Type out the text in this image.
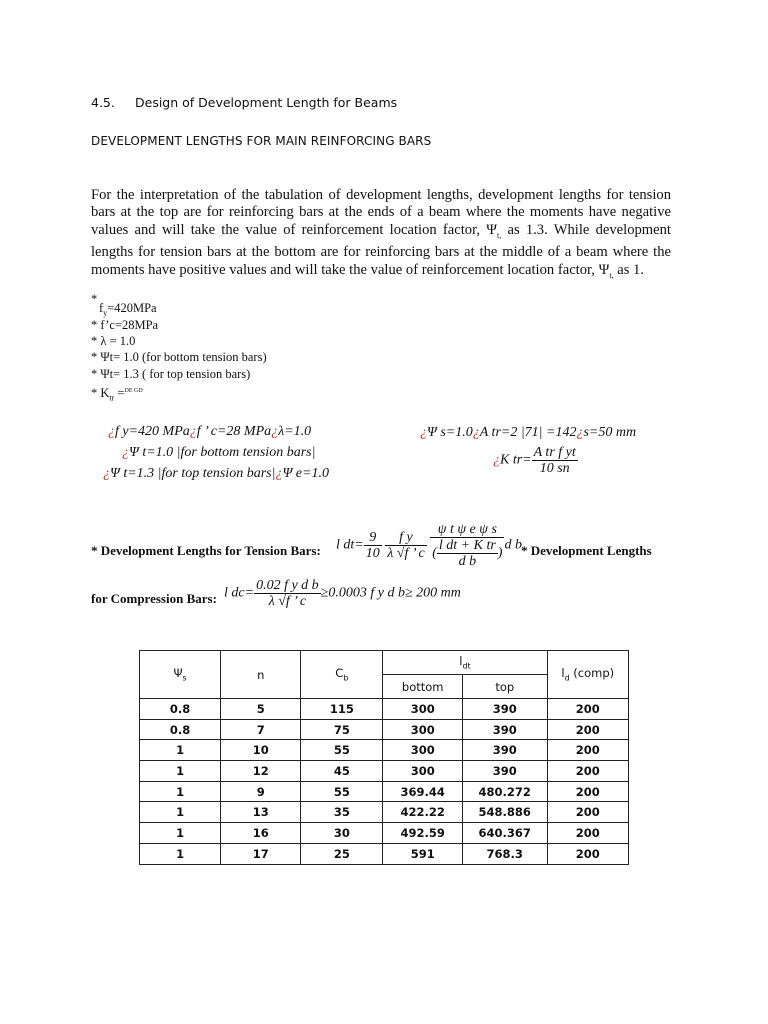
4.5. Design of Development Length for Beams
DEVELOPMENT LENGTHS FOR MAIN REINFORCING BARS

For the interpretation of the tabulation of development lengths, development lengths for tension bars at the top are for reinforcing bars at the ends of a beam where the moments have negative values and will take the value of reinforcement location factor, $\Psi_{t,}$ as 1.3. While development lengths for tension bars at the bottom are for reinforcing bars at the middle of a beam where the moments have positive values and will take the value of reinforcement location factor, $\Psi_{t,}$ as 1.

*
$f_y=420MPa$
* f’c=28MPa
* λ = 1.0
* Ψt= 1.0 (for bottom tension bars)
* Ψt= 1.3 ( for top tension bars)
* $K_{tr} =^{DE GD}$
¿f y=420 MPa¿f ’ c=28 MPa¿λ=1.0
¿Ψ t=1.0 |for bottom tension bars|
¿Ψ t=1.3 |for top tension bars|¿Ψ e=1.0
¿Ψ s=1.0¿A tr=2 |71| =142¿s=50 mm
¿K $tr= \frac{\text{A tr f yt}}{10 sn}$
l $dt= \frac{9}{10}$
$\frac{\text{f y}}{\lambda √f ’ c}$
$\frac{\text{ψ t ψ e ψ s}}{( \frac{\text{l dt + K tr}}{\text{d b}} )}$ d b
* Development Lengths for Tension Bars:	* Development Lengths
for Compression Bars: l $dc= \frac{\text{0.02 f y d b}}{\lambda √f ’ c} \ge 0.0003$ f y d b≥ 200 mm
$\Psi_s$	n	$C_b$	$l_{dt}$		$l_d$ (comp)
			bottom	top	
0.8	5	115	300	390	200
0.8	7	75	300	390	200
1	10	55	300	390	200
1	12	45	300	390	200
1	9	55	369.44	480.272	200
1	13	35	422.22	548.886	200
1	16	30	492.59	640.367	200
1	17	25	591	768.3	200
